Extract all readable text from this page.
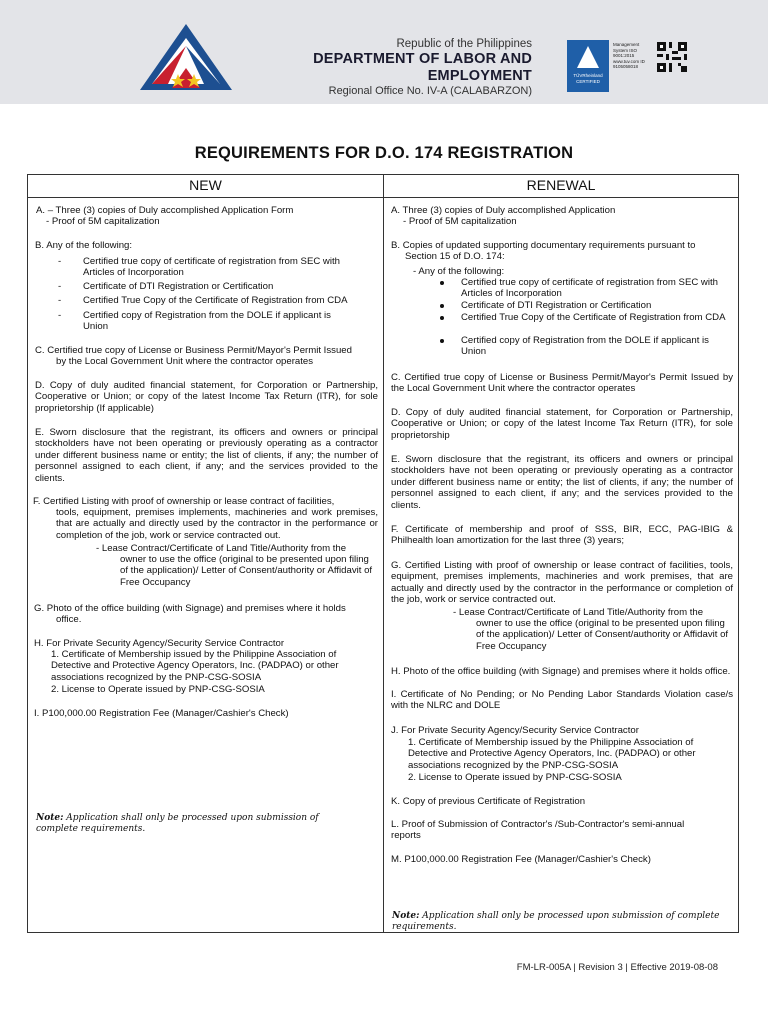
Republic of the Philippines
DEPARTMENT OF LABOR AND EMPLOYMENT
Regional Office No. IV-A (CALABARZON)
TÜVRheinland CERTIFIED
Management System ISO 9001:2015 www.tuv.com ID 9105058018
REQUIREMENTS FOR D.O. 174 REGISTRATION
NEW	RENEWAL
A. – Three (3) copies of Duly accomplished Application Form
- Proof of 5M capitalization
B. Any of the following:
- Certified true copy of certificate of registration from SEC with
Articles of Incorporation
- Certificate of DTI Registration or Certification
- Certified True Copy of the Certificate of Registration from CDA
- Certified copy of Registration from the DOLE if applicant is
Union
C. Certified true copy of License or Business Permit/Mayor's Permit Issued
by the Local Government Unit where the contractor operates
D. Copy of duly audited financial statement, for Corporation or Partnership, Cooperative or Union; or copy of the latest Income Tax Return (ITR), for sole proprietorship (If applicable)
E. Sworn disclosure that the registrant, its officers and owners or principal stockholders have not been operating or previously operating as a contractor under different business name or entity; the list of clients, if any; the number of personnel assigned to each client, if any; and the services provided to the clients.
F. Certified Listing with proof of ownership or lease contract of facilities,
tools, equipment, premises implements, machineries and work premises, that are actually and directly used by the contractor in the performance or completion of the job, work or service contracted out.
- Lease Contract/Certificate of Land Title/Authority from the
owner to use the office (original to be presented upon filing of the application)/ Letter of Consent/authority or Affidavit of Free Occupancy
G. Photo of the office building (with Signage) and premises where it holds
office.
H. For Private Security Agency/Security Service Contractor
1. Certificate of Membership issued by the Philippine Association of Detective and Protective Agency Operators, Inc. (PADPAO) or other associations recognized by the PNP-CSG-SOSIA
2. License to Operate issued by PNP-CSG-SOSIA
I. P100,000.00 Registration Fee (Manager/Cashier's Check)
Note: Application shall only be processed upon submission of complete requirements.
A. Three (3) copies of Duly accomplished Application
- Proof of 5M capitalization
B. Copies of updated supporting documentary requirements pursuant to
Section 15 of D.O. 174:
- Any of the following:
Certified true copy of certificate of registration from SEC with Articles of Incorporation
Certificate of DTI Registration or Certification
Certified True Copy of the Certificate of Registration from CDA
Certified copy of Registration from the DOLE if applicant is Union
C. Certified true copy of License or Business Permit/Mayor's Permit Issued by the Local Government Unit where the contractor operates
D. Copy of duly audited financial statement, for Corporation or Partnership, Cooperative or Union; or copy of the latest Income Tax Return (ITR), for sole proprietorship
E. Sworn disclosure that the registrant, its officers and owners or principal stockholders have not been operating or previously operating as a contractor under different business name or entity; the list of clients, if any; the number of personnel assigned to each client, if any; and the services provided to the clients.
F. Certificate of membership and proof of SSS, BIR, ECC, PAG-IBIG & Philhealth loan amortization for the last three (3) years;
G. Certified Listing with proof of ownership or lease contract of facilities, tools, equipment, premises implements, machineries and work premises, that are actually and directly used by the contractor in the performance or completion of the job, work or service contracted out.
- Lease Contract/Certificate of Land Title/Authority from the
owner to use the office (original to be presented upon filing of the application)/ Letter of Consent/authority or Affidavit of Free Occupancy
H. Photo of the office building (with Signage) and premises where it holds office.
I. Certificate of No Pending; or No Pending Labor Standards Violation case/s with the NLRC and DOLE
J. For Private Security Agency/Security Service Contractor
1. Certificate of Membership issued by the Philippine Association of Detective and Protective Agency Operators, Inc. (PADPAO) or other associations recognized by the PNP-CSG-SOSIA
2. License to Operate issued by PNP-CSG-SOSIA
K. Copy of previous Certificate of Registration
L. Proof of Submission of Contractor's /Sub-Contractor's semi-annual reports
M. P100,000.00 Registration Fee (Manager/Cashier's Check)
Note: Application shall only be processed upon submission of complete requirements.
FM-LR-005A | Revision 3 | Effective 2019-08-08
